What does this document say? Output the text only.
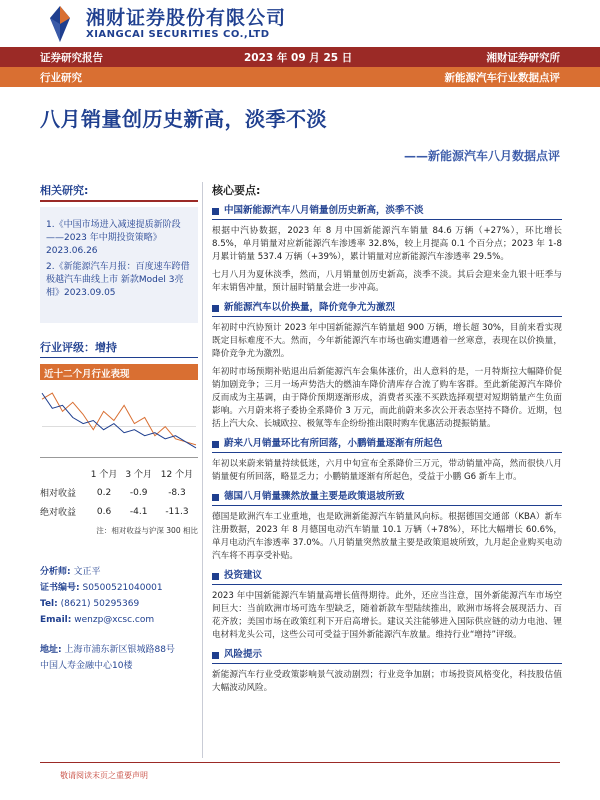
湘财证券股份有限公司
XIANGCAI SECURITIES CO.,LTD
证券研究报告	2023 年 09 月 25 日	湘财证券研究所
行业研究	新能源汽车行业数据点评
八月销量创历史新高，淡季不淡
——新能源汽车八月数据点评
相关研究:
1.《中国市场进入减速提质新阶段——2023 年中期投资策略》2023.06.26
2.《新能源汽车月报：百度速车跨借极越汽车曲线上市 新款Model 3亮相》2023.09.05
行业评级：增持
近十二个月行业表现
	1 个月	3 个月	12 个月
相对收益	0.2	-0.9	-8.3
绝对收益	0.6	-4.1	-11.3
注：相对收益与沪深 300 相比
分析师: 文正平
证书编号: S0500521040001
Tel: (8621) 50295369
Email: wenzp@xcsc.com
地址: 上海市浦东新区银城路88号
中国人寿金融中心10楼
核心要点:
中国新能源汽车八月销量创历史新高，淡季不淡
根据中汽协数据，2023 年 8 月中国新能源汽车销量 84.6 万辆（+27%），环比增长 8.5%，单月销量对应新能源汽车渗透率 32.8%，较上月提高 0.1 个百分点；2023 年 1-8 月累计销量 537.4 万辆（+39%），累计销量对应新能源汽车渗透率 29.5%。
七月八月为夏休淡季，然而，八月销量创历史新高，淡季不淡。其后会迎来金九银十旺季与年末销售冲量，预计届时销量会进一步冲高。
新能源汽车以价换量，降价竞争尤为激烈
年初时中汽协预计 2023 年中国新能源汽车销量超 900 万辆，增长超 30%，目前来看实现既定目标难度不大。然而，今年新能源汽车市场也确实遭遇着一丝寒意，表现在以价换量，降价竞争尤为激烈。
年初时市场预期补贴退出后新能源汽车会集体涨价，出人意料的是，一月特斯拉大幅降价促销加剧竞争；三月一场声势浩大的燃油车降价清库存合流了购车客群。至此新能源汽车降价反而成为主基调，由于降价预期逐渐形成，消费者买涨不买跌选择观望对短期销量产生负面影响。六月蔚来将子委协全系降价 3 万元，而此前蔚来多次公开表态坚持不降价。近期，包括上汽大众、长城欧拉、极氪等车企纷纷推出限时购车优惠活动提振销量。
蔚来八月销量环比有所回落，小鹏销量逐渐有所起色
年初以来蔚来销量持续低迷，六月中旬宣布全系降价三万元，带动销量冲高，然而很快八月销量便有所回落，略显乏力；小鹏销量逐渐有所起色，受益于小鹏 G6 新车上市。
德国八月销量骤然放量主要是政策退坡所致
德国是欧洲汽车工业重地，也是欧洲新能源汽车销量风向标。根据德国交通部（KBA）新车注册数据，2023 年 8 月德国电动汽车销量 10.1 万辆（+78%），环比大幅增长 60.6%，单月电动汽车渗透率 37.0%。八月销量突然放量主要是政策退坡所致，九月起企业购买电动汽车将不再享受补贴。
投资建议
2023 年中国新能源汽车销量高增长值得期待。此外，还应当注意，国外新能源汽车市场空间巨大：当前欧洲市场可选车型缺乏，随着新款车型陆续推出，欧洲市场将会展现活力、百花齐放；美国市场在政策红利下开启高增长。建议关注能够进入国际供应链的动力电池、锂电材料龙头公司，这些公司可受益于国外新能源汽车放量。维持行业“增持”评级。
风险提示
新能源汽车行业受政策影响景气波动剧烈；行业竞争加剧；市场投资风格变化，科技股估值大幅波动风险。
敬请阅读末页之重要声明
